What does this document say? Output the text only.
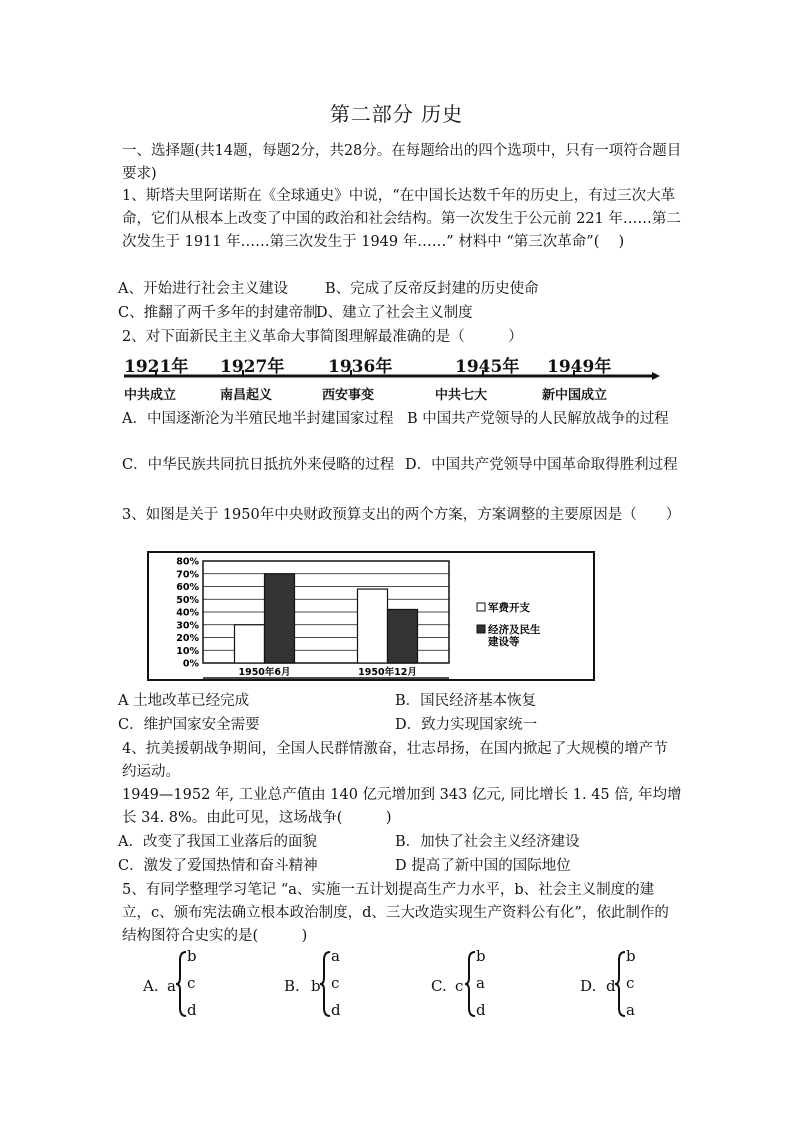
第二部分 历史

一、选择题(共14题，每题2分，共28分。在每题给出的四个选项中，只有一项符合题目要求)

1、斯塔夫里阿诺斯在《全球通史》中说，“在中国长达数千年的历史上，有过三次大革命，它们从根本上改变了中国的政治和社会结构。第一次发生于公元前 221 年……第二次发生于 1911 年……第三次发生于 1949 年……” 材料中 “第三次革命”(　 )

A、开始进行社会主义建设	B、完成了反帝反封建的历史使命
C、推翻了两千多年的封建帝制
D、建立了社会主义制度
2、对下面新民主主义革命大事简图理解最准确的是（　　　）
1921年 1927年	1936年	1945年 1949年
中共成立	南昌起义	西安事变	中共七大	新中国成立
A．中国逐渐沦为半殖民地半封建国家过程 B 中国共产党领导的人民解放战争的过程
C．中华民族共同抗日抵抗外来侵略的过程 D．中国共产党领导中国革命取得胜利过程

3、如图是关于 1950年中央财政预算支出的两个方案，方案调整的主要原因是（　　）

0%
10%
20%
30%
40%
50%
60%
70%
80%
1950年6月	1950年12月
军费开支
经济及民生
建设等
A 土地改革已经完成	B．国民经济基本恢复
C．维护国家安全需要	D．致力实现国家统一

4、抗美援朝战争期间，全国人民群情激奋，壮志昂扬，在国内掀起了大规模的增产节约运动。

1949—1952 年, 工业总产值由 140 亿元增加到 343 亿元, 同比增长 1. 45 倍, 年均增长 34. 8%。由此可见，这场战争(　　　)

A．改变了我国工业落后的面貌	B．加快了社会主义经济建设
C．激发了爱国热情和奋斗精神	D 提高了新中国的国际地位

5、有同学整理学习笔记 “a、实施一五计划提高生产力水平，b、社会主义制度的建立，c、颁布宪法确立根本政治制度，d、三大改造实现生产资料公有化”，依此制作的结构图符合史实的是(　　　)

A. a
b
c
d
B. b
a
c
d
C. c
b
a
d
D. d
b
c
a
